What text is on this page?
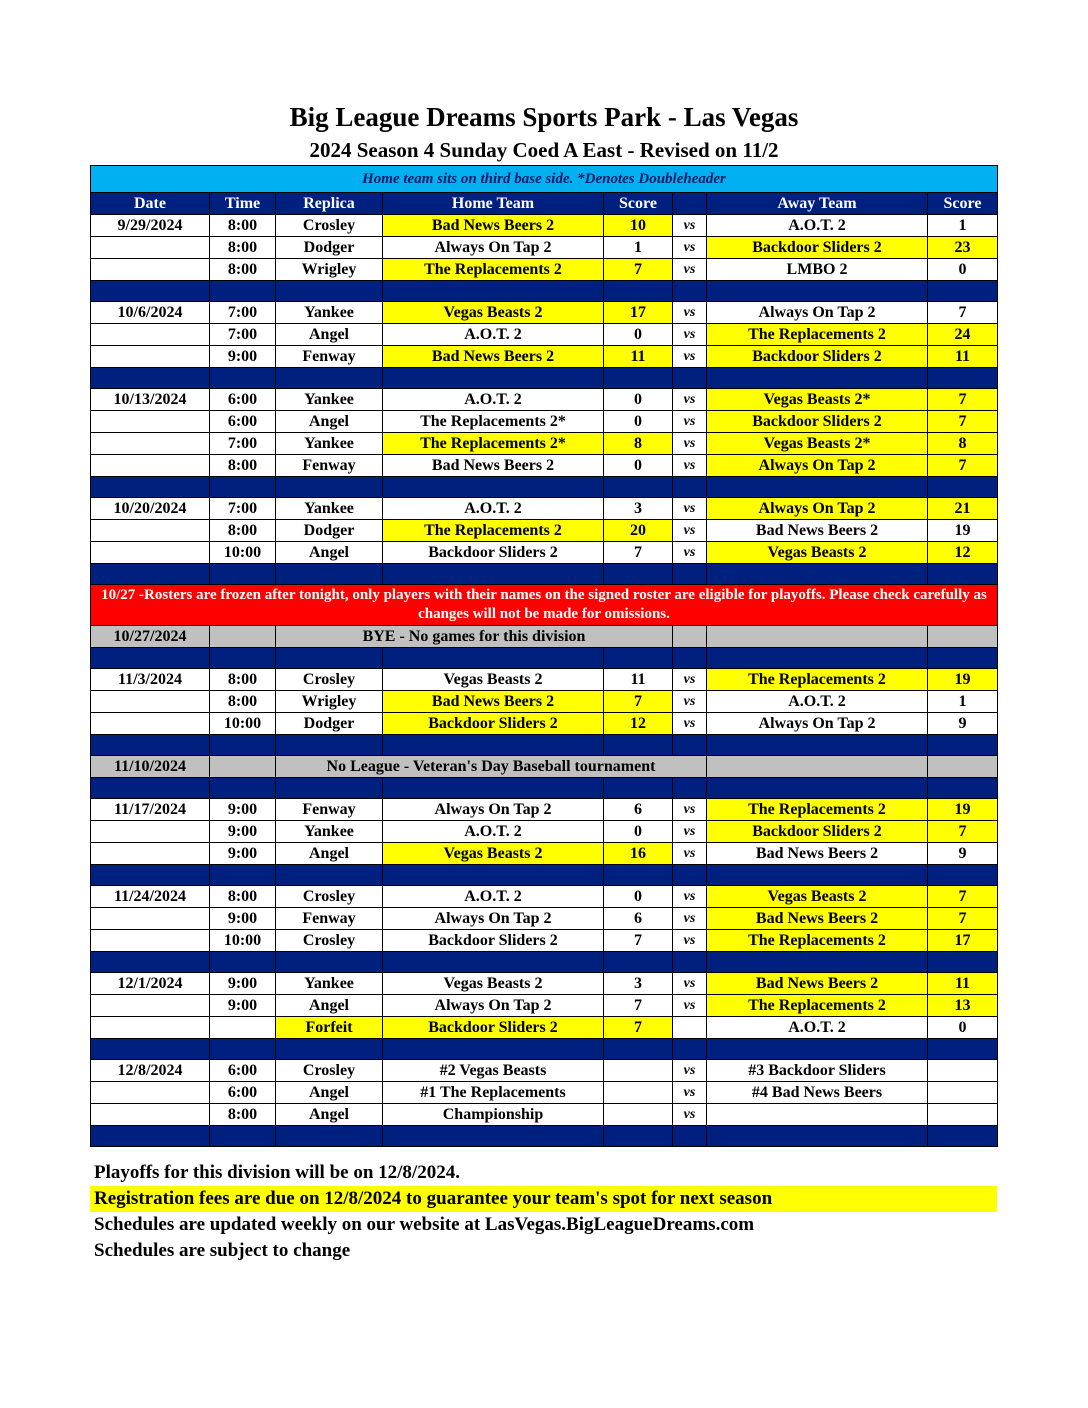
Big League Dreams Sports Park - Las Vegas
2024 Season 4 Sunday Coed A East - Revised on 11/2
Home team sits on third base side. *Denotes Doubleheader							
Date	Time	Replica	Home Team	Score		Away Team	Score
9/29/2024	8:00	Crosley	Bad News Beers 2	10	vs	A.O.T. 2	1
	8:00	Dodger	Always On Tap 2	1	vs	Backdoor Sliders 2	23
	8:00	Wrigley	The Replacements 2	7	vs	LMBO 2	0

10/6/2024	7:00	Yankee	Vegas Beasts 2	17	vs	Always On Tap 2	7
	7:00	Angel	A.O.T. 2	0	vs	The Replacements 2	24
	9:00	Fenway	Bad News Beers 2	11	vs	Backdoor Sliders 2	11

10/13/2024	6:00	Yankee	A.O.T. 2	0	vs	Vegas Beasts 2*	7
	6:00	Angel	The Replacements 2*	0	vs	Backdoor Sliders 2	7
	7:00	Yankee	The Replacements 2*	8	vs	Vegas Beasts 2*	8
	8:00	Fenway	Bad News Beers 2	0	vs	Always On Tap 2	7

10/20/2024	7:00	Yankee	A.O.T. 2	3	vs	Always On Tap 2	21
	8:00	Dodger	The Replacements 2	20	vs	Bad News Beers 2	19
	10:00	Angel	Backdoor Sliders 2	7	vs	Vegas Beasts 2	12

10/27 -Rosters are frozen after tonight, only players with their names on the signed roster are eligible for playoffs. Please check carefully as changes will not be made for omissions.							
10/27/2024		BYE - No games for this division					

11/3/2024	8:00	Crosley	Vegas Beasts 2	11	vs	The Replacements 2	19
	8:00	Wrigley	Bad News Beers 2	7	vs	A.O.T. 2	1
	10:00	Dodger	Backdoor Sliders 2	12	vs	Always On Tap 2	9

11/10/2024		No League - Veteran's Day Baseball tournament					

11/17/2024	9:00	Fenway	Always On Tap 2	6	vs	The Replacements 2	19
	9:00	Yankee	A.O.T. 2	0	vs	Backdoor Sliders 2	7
	9:00	Angel	Vegas Beasts 2	16	vs	Bad News Beers 2	9

11/24/2024	8:00	Crosley	A.O.T. 2	0	vs	Vegas Beasts 2	7
	9:00	Fenway	Always On Tap 2	6	vs	Bad News Beers 2	7
	10:00	Crosley	Backdoor Sliders 2	7	vs	The Replacements 2	17

12/1/2024	9:00	Yankee	Vegas Beasts 2	3	vs	Bad News Beers 2	11
	9:00	Angel	Always On Tap 2	7	vs	The Replacements 2	13
		Forfeit	Backdoor Sliders 2	7		A.O.T. 2	0

12/8/2024	6:00	Crosley	#2 Vegas Beasts		vs	#3 Backdoor Sliders	
	6:00	Angel	#1 The Replacements		vs	#4 Bad News Beers	
	8:00	Angel	Championship		vs		

Playoffs for this division will be on 12/8/2024.
Registration fees are due on 12/8/2024 to guarantee your team's spot for next season
Schedules are updated weekly on our website at LasVegas.BigLeagueDreams.com
Schedules are subject to change
